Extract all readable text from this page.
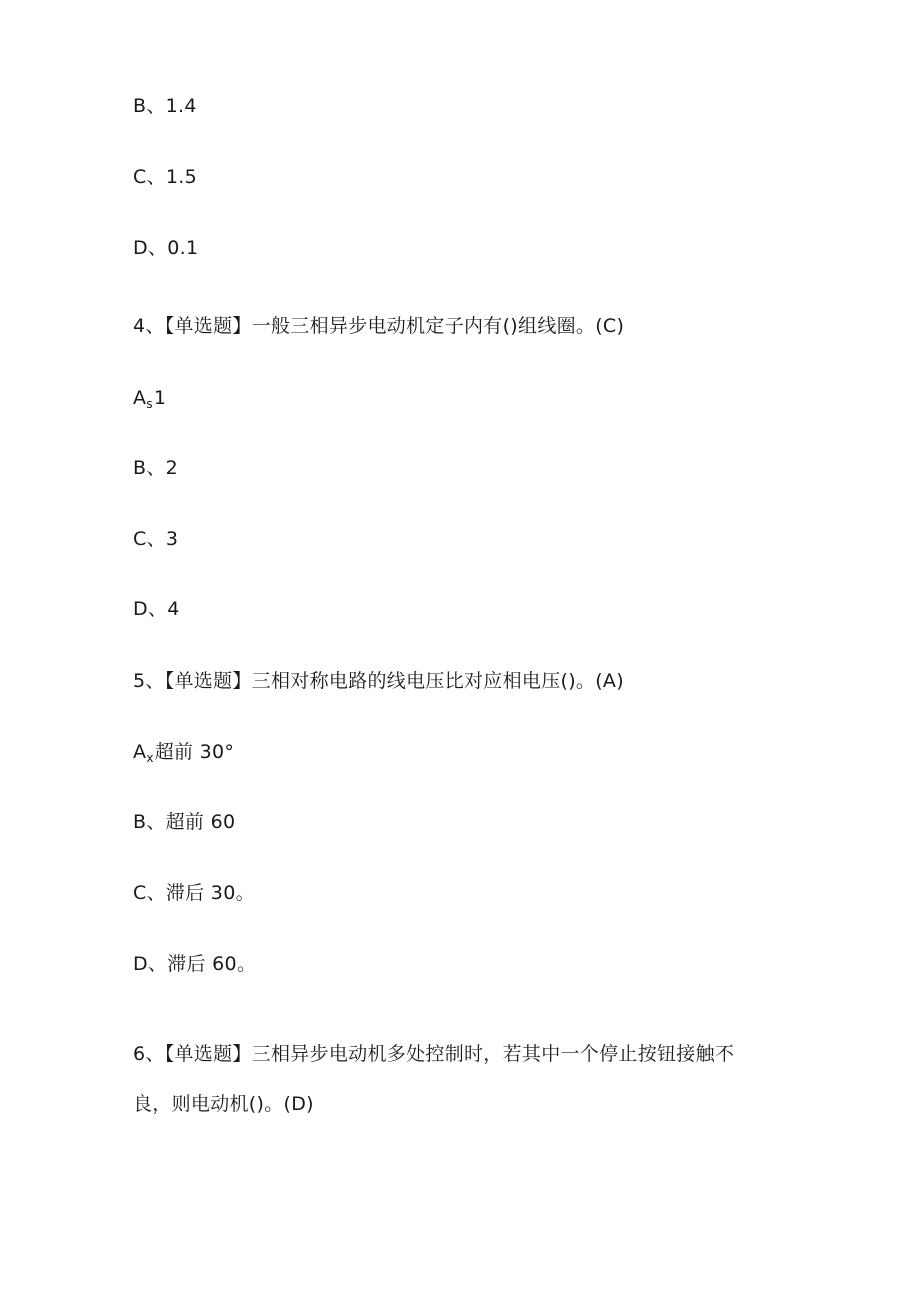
B、1.4
C、1.5
D、0.1
4、【单选题】一般三相异步电动机定子内有()组线圈。(C)
$A_s1$
B、2
C、3
D、4
5、【单选题】三相对称电路的线电压比对应相电压()。(A)
$A_x$超前 30°
B、超前 60
C、滞后 30。
D、滞后 60。
6、【单选题】三相异步电动机多处控制时，若其中一个停止按钮接触不
良，则电动机()。(D)
